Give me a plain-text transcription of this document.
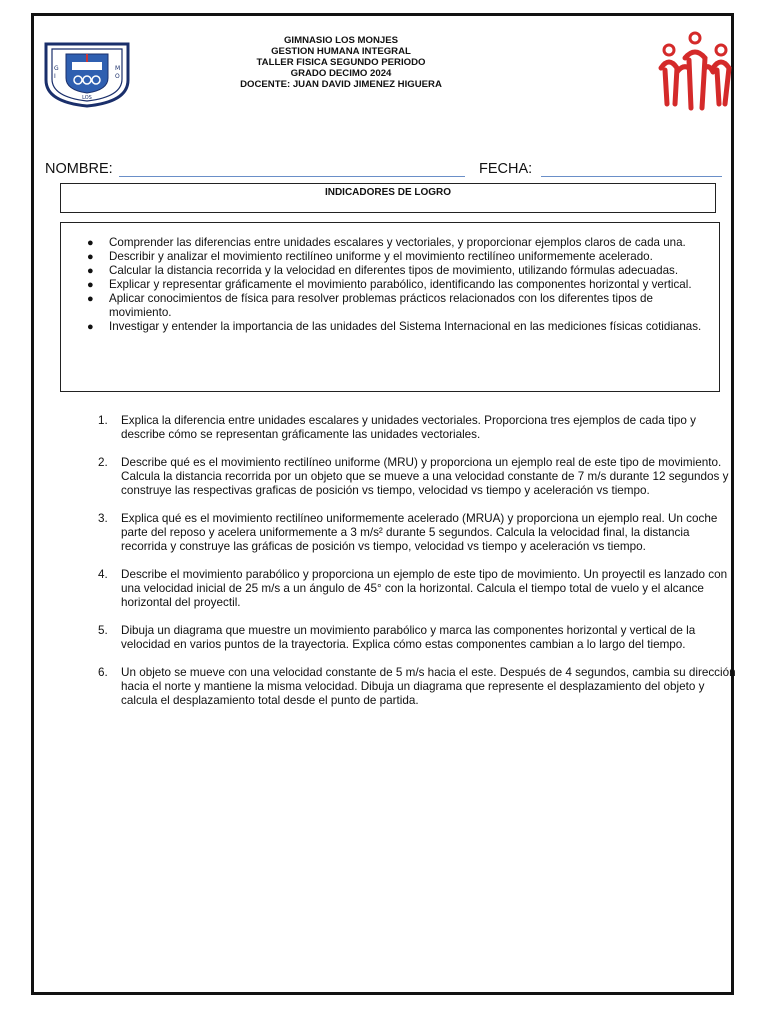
G
I
M
O
LOS
GIMNASIO LOS MONJES
GESTION HUMANA INTEGRAL
TALLER FISICA SEGUNDO PERIODO
GRADO DECIMO 2024
DOCENTE: JUAN DAVID JIMENEZ HIGUERA
NOMBRE:	FECHA:
INDICADORES DE LOGRO
● Comprender las diferencias entre unidades escalares y vectoriales, y proporcionar ejemplos claros de cada una.
● Describir y analizar el movimiento rectilíneo uniforme y el movimiento rectilíneo uniformemente acelerado.
● Calcular la distancia recorrida y la velocidad en diferentes tipos de movimiento, utilizando fórmulas adecuadas.
● Explicar y representar gráficamente el movimiento parabólico, identificando las componentes horizontal y vertical.
● Aplicar conocimientos de física para resolver problemas prácticos relacionados con los diferentes tipos de movimiento.
● Investigar y entender la importancia de las unidades del Sistema Internacional en las mediciones físicas cotidianas.
1. Explica la diferencia entre unidades escalares y unidades vectoriales. Proporciona tres ejemplos de cada tipo y describe cómo se representan gráficamente las unidades vectoriales.
2. Describe qué es el movimiento rectilíneo uniforme (MRU) y proporciona un ejemplo real de este tipo de movimiento. Calcula la distancia recorrida por un objeto que se mueve a una velocidad constante de 7 m/s durante 12 segundos y construye las respectivas graficas de posición vs tiempo, velocidad vs tiempo y aceleración vs tiempo.
3. Explica qué es el movimiento rectilíneo uniformemente acelerado (MRUA) y proporciona un ejemplo real. Un coche parte del reposo y acelera uniformemente a 3 m/s² durante 5 segundos. Calcula la velocidad final, la distancia recorrida y construye las gráficas de posición vs tiempo, velocidad vs tiempo y aceleración vs tiempo.
4. Describe el movimiento parabólico y proporciona un ejemplo de este tipo de movimiento. Un proyectil es lanzado con una velocidad inicial de 25 m/s a un ángulo de 45° con la horizontal. Calcula el tiempo total de vuelo y el alcance horizontal del proyectil.
5. Dibuja un diagrama que muestre un movimiento parabólico y marca las componentes horizontal y vertical de la velocidad en varios puntos de la trayectoria. Explica cómo estas componentes cambian a lo largo del tiempo.
6. Un objeto se mueve con una velocidad constante de 5 m/s hacia el este. Después de 4 segundos, cambia su dirección hacia el norte y mantiene la misma velocidad. Dibuja un diagrama que represente el desplazamiento del objeto y calcula el desplazamiento total desde el punto de partida.
